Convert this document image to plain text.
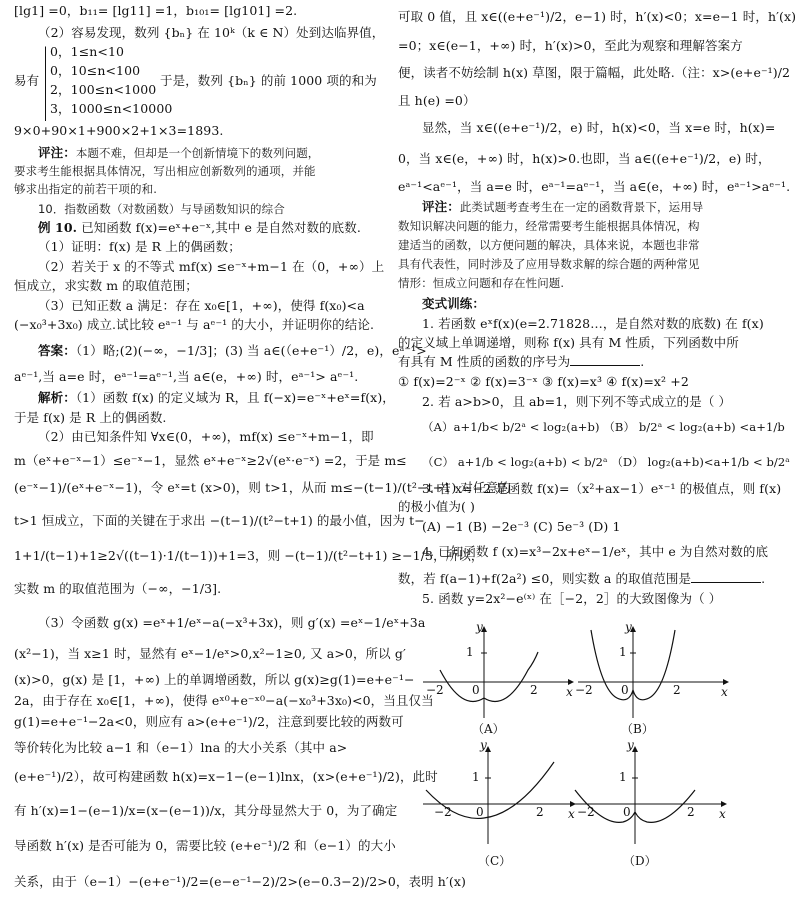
[lg1] =0，b₁₁= [lg11] =1，b₁₀₁= [lg101] =2.
（2）容易发现，数列 {bₙ} 在 10ᵏ（k ∈ N）处到达临界值，
易有
0，1≤n<10
0，10≤n<100
2，100≤n<1000
3，1000≤n<10000
于是，数列 {bₙ} 的前 1000 项的和为
9×0+90×1+900×2+1×3=1893.
评注：本题不难，但却是一个创新情境下的数列问题，
要求考生能根据具体情况，写出相应创新数列的通项，并能
够求出指定的前若干项的和.
10．指数函数（对数函数）与导函数知识的综合
例 10. 已知函数 f(x)=eˣ+e⁻ˣ,其中 e 是自然对数的底数.
（1）证明：f(x) 是 R 上的偶函数；
（2）若关于 x 的不等式 mf(x) ≤e⁻ˣ+m−1 在（0，+∞）上
恒成立，求实数 m 的取值范围；
（3）已知正数 a 满足：存在 x₀∈[1，+∞)，使得 f(x₀)<a
(−x₀³+3x₀) 成立.试比较 eᵃ⁻¹ 与 aᵉ⁻¹ 的大小，并证明你的结论.
答案：（1）略;(2)(−∞，−1/3]；(3) 当 a∈(（e+e⁻¹）/2，e)，eᵃ⁻¹>
aᵉ⁻¹,当 a=e 时，eᵃ⁻¹=aᵉ⁻¹,当 a∈(e，+∞) 时，eᵃ⁻¹> aᵉ⁻¹.
解析：（1）函数 f(x) 的定义域为 R，且 f(−x)=e⁻ˣ+eˣ=f(x)，
于是 f(x) 是 R 上的偶函数.
（2）由已知条件知 ∀x∈(0，+∞)，mf(x) ≤e⁻ˣ+m−1，即
m（eˣ+e⁻ˣ−1）≤e⁻ˣ−1，显然 eˣ+e⁻ˣ≥2√(eˣ·e⁻ˣ) =2，于是 m≤
(e⁻ˣ−1)/(eˣ+e⁻ˣ−1)，令 eˣ=t (x>0)，则 t>1，从而 m≤−(t−1)/(t²−t+1) 对任意的
t>1 恒成立，下面的关键在于求出 −(t−1)/(t²−t+1) 的最小值，因为 t−
1+1/(t−1)+1≥2√((t−1)·1/(t−1))+1=3，则 −(t−1)/(t²−t+1) ≥−1/3，所以，
实数 m 的取值范围为（−∞，−1/3].
（3）令函数 g(x) =eˣ+1/eˣ−a(−x³+3x)，则 g′(x) =eˣ−1/eˣ+3a
(x²−1)，当 x≥1 时，显然有 eˣ−1/eˣ>0,x²−1≥0, 又 a>0，所以 g′
(x)>0，g(x) 是 [1，+∞) 上的单调增函数，所以 g(x)≥g(1)=e+e⁻¹−
2a，由于存在 x₀∈[1，+∞)，使得 eˣ⁰+e⁻ˣ⁰−a(−x₀³+3x₀)<0，当且仅当
g(1)=e+e⁻¹−2a<0，则应有 a>(e+e⁻¹)/2，注意到要比较的两数可
等价转化为比较 a−1 和（e−1）lna 的大小关系（其中 a>
(e+e⁻¹)/2），故可构建函数 h(x)=x−1−(e−1)lnx，(x>(e+e⁻¹)/2)，此时
有 h′(x)=1−(e−1)/x=(x−(e−1))/x，其分母显然大于 0，为了确定
导函数 h′(x) 是否可能为 0，需要比较 (e+e⁻¹)/2 和（e−1）的大小
关系，由于（e−1）−(e+e⁻¹)/2=(e−e⁻¹−2)/2>(e−0.3−2)/2>0，表明 h′(x)
可取 0 值，且 x∈((e+e⁻¹)/2，e−1) 时，h′(x)<0；x=e−1 时，h′(x)
=0；x∈(e−1，+∞) 时，h′(x)>0，至此为观察和理解答案方
便，读者不妨绘制 h(x) 草图，限于篇幅，此处略.（注：x>(e+e⁻¹)/2
且 h(e) =0）
显然，当 x∈((e+e⁻¹)/2，e) 时，h(x)<0，当 x=e 时，h(x)=
0，当 x∈(e，+∞) 时，h(x)>0.也即，当 a∈((e+e⁻¹)/2，e) 时，
eᵃ⁻¹<aᵉ⁻¹，当 a=e 时，eᵃ⁻¹=aᵉ⁻¹，当 a∈(e，+∞) 时，eᵃ⁻¹>aᵉ⁻¹.
评注：此类试题考查考生在一定的函数背景下，运用导
数知识解决问题的能力，经常需要考生能根据具体情况，构
建适当的函数，以方便问题的解决，具体来说，本题也非常
具有代表性，同时涉及了应用导数求解的综合题的两种常见
情形：恒成立问题和存在性问题.
变式训练：
1. 若函数 eˣf(x)(e=2.71828…，是自然对数的底数) 在 f(x)
的定义域上单调递增，则称 f(x) 具有 M 性质，下列函数中所
有具有 M 性质的函数的序号为	.
① f(x)=2⁻ˣ ② f(x)=3⁻ˣ ③ f(x)=x³ ④ f(x)=x² +2
2. 若 a>b>0，且 ab=1，则下列不等式成立的是（ ）
（A）a+1/b< b/2ᵃ < log₂(a+b) （B） b/2ᵃ < log₂(a+b) <a+1/b
（C） a+1/b < log₂(a+b) < b/2ᵃ （D） log₂(a+b)<a+1/b < b/2ᵃ
3. 若 x=−2 是函数 f(x)=（x²+ax−1）eˣ⁻¹ 的极值点，则 f(x)
的极小值为( )
(A) −1 (B) −2e⁻³ (C) 5e⁻³ (D) 1
4. 已知函数 f (x)=x³−2x+eˣ−1/eˣ，其中 e 为自然对数的底
数，若 f(a−1)+f(2a²) ≤0，则实数 a 的取值范围是	.
5. 函数 y=2x²−e⁽ˣ⁾ 在［−2，2］的大致图像为（ ）
y
1
−2 0	2 x
（A）
y
1
−2 0	2	x
（B）
y
1
−2 0	2 x
（C）
y
1
−2 0	2 x
（D）
